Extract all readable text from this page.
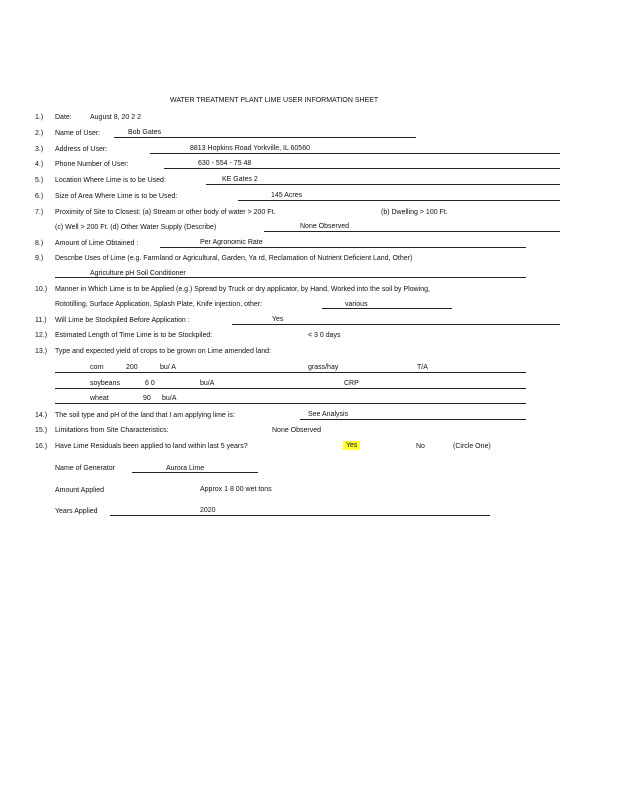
WATER TREATMENT PLANT LIME USER INFORMATION SHEET
1.) Date:	August 8, 20 2 2
2.) Name of User:	Bob Gates
3.) Address of User:	8813 Hopkins Road Yorkville, IL 60560
4.) Phone Number of User:	630 - 554 - 75 48
5.) Location Where Lime is to be Used:	KE Gates 2
6.) Size of Area Where Lime is to be Used:	145 Acres
7.) Proximity of Site to Closest: (a) Stream or other body of water > 200 Ft.	(b) Dwelling > 100 Ft.
(c) Well > 200 Ft. (d) Other Water Supply (Describe)	None Observed
8.) Amount of Lime Obtained :	Per Agronomic Rate
9.) Describe Uses of Lime (e.g. Farmland or Agricultural, Garden, Ya rd, Reclamation of Nutrient Deficient Land, Other)
Agriculture pH Soil Conditioner
10.) Manner in Which Lime is to be Applied (e.g.) Spread by Truck or dry applicator, by Hand, Worked into the soil by Plowing,
Rototilling, Surface Application, Splash Plate, Knife injection, other:	various
11.) Will Lime be Stockpiled Before Application :	Yes
12.) Estimated Length of Time Lime is to be Stockpiled:	< 3 0 days
13.) Type and expected yield of crops to be grown on Lime amended land:
corn	200	bu/ A	grass/hay	T/A
soybeans	6 0	bu/A	CRP
wheat	90 bu/A
14.) The soil type and pH of the land that I am applying lime is:	See Analysis
15.) Limitations from Site Characteristics:	None Observed
16.) Have Lime Residuals been applied to land within last 5 years?	Yes	No	(Circle One)
Name of Generator	Aurora Lime
Amount Applied	Approx 1 8 00 wet tons
Years Applied	2020
